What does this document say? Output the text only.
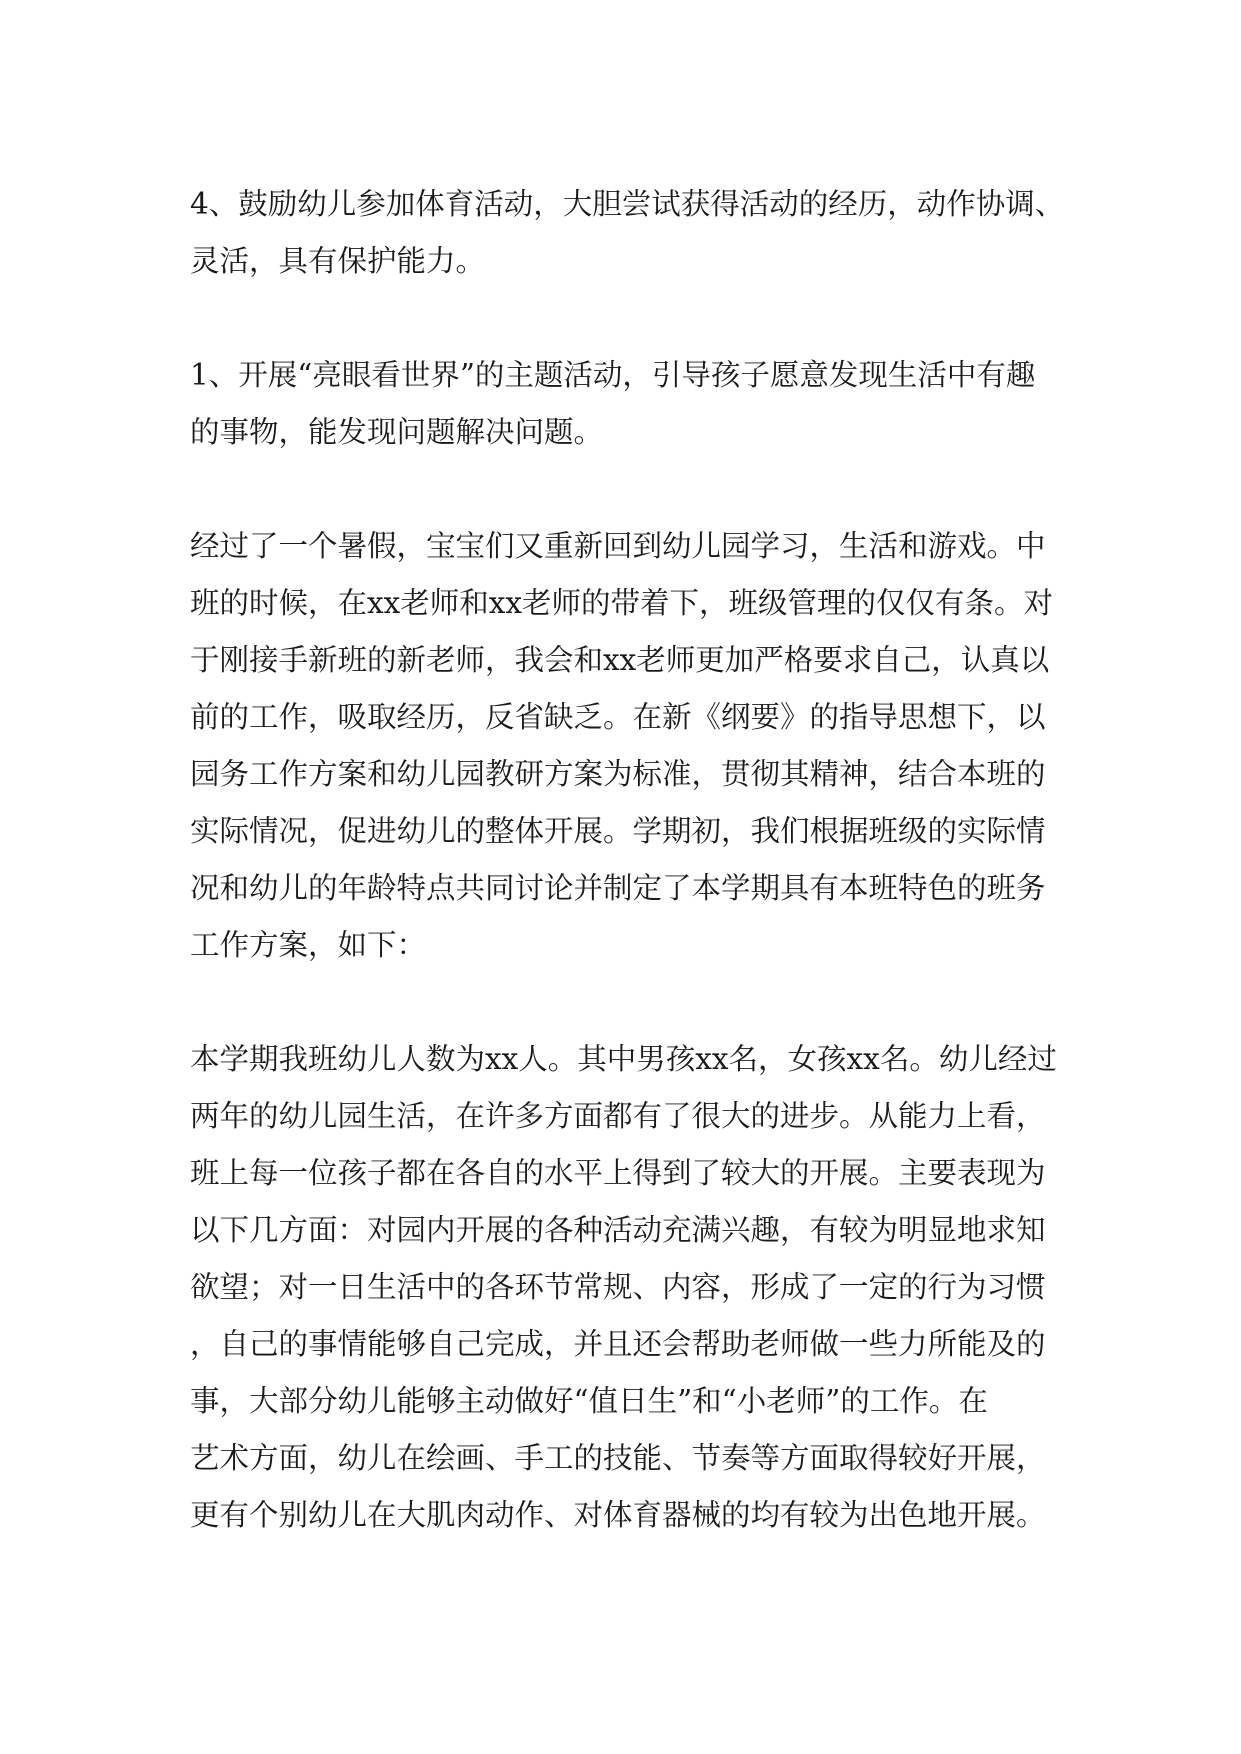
4、鼓励幼儿参加体育活动，大胆尝试获得活动的经历，动作协调、
灵活，具有保护能力。

1、开展“亮眼看世界”的主题活动，引导孩子愿意发现生活中有趣
的事物，能发现问题解决问题。

经过了一个暑假，宝宝们又重新回到幼儿园学习，生活和游戏。中
班的时候，在xx老师和xx老师的带着下，班级管理的仅仅有条。对
于刚接手新班的新老师，我会和xx老师更加严格要求自己，认真以
前的工作，吸取经历，反省缺乏。在新《纲要》的指导思想下，以
园务工作方案和幼儿园教研方案为标准，贯彻其精神，结合本班的
实际情况，促进幼儿的整体开展。学期初，我们根据班级的实际情
况和幼儿的年龄特点共同讨论并制定了本学期具有本班特色的班务
工作方案，如下：

本学期我班幼儿人数为xx人。其中男孩xx名，女孩xx名。幼儿经过
两年的幼儿园生活，在许多方面都有了很大的进步。从能力上看，
班上每一位孩子都在各自的水平上得到了较大的开展。主要表现为
以下几方面：对园内开展的各种活动充满兴趣，有较为明显地求知
欲望；对一日生活中的各环节常规、内容，形成了一定的行为习惯
，自己的事情能够自己完成，并且还会帮助老师做一些力所能及的
事，大部分幼儿能够主动做好“值日生”和“小老师”的工作。在
艺术方面，幼儿在绘画、手工的技能、节奏等方面取得较好开展，
更有个别幼儿在大肌肉动作、对体育器械的均有较为出色地开展。
